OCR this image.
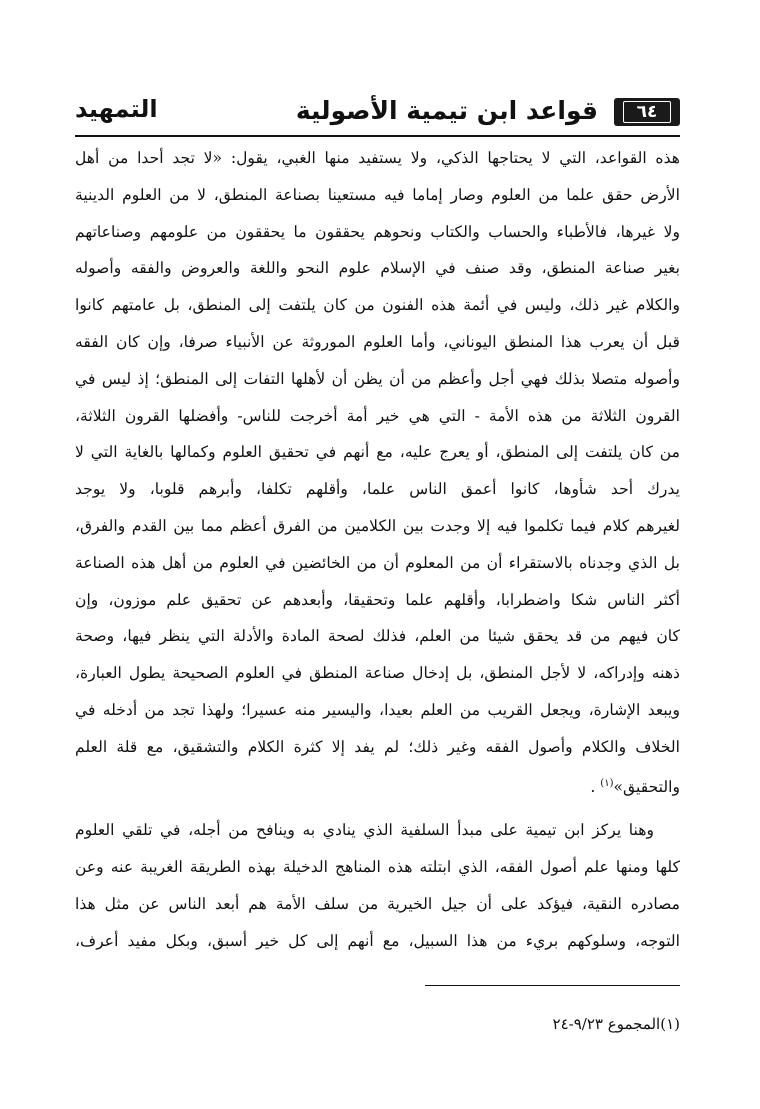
٦٤
قواعد ابن تيمية الأصولية
التمهيد
هذه القواعد، التي لا يحتاجها الذكي، ولا يستفيد منها الغبي، يقول: «لا تجد أحدا من أهل
الأرض حقق علما من العلوم وصار إماما فيه مستعينا بصناعة المنطق، لا من العلوم الدينية
ولا غيرها، فالأطباء والحساب والكتاب ونحوهم يحققون ما يحققون من علومهم وصناعاتهم
بغير صناعة المنطق، وقد صنف في الإسلام علوم النحو واللغة والعروض والفقه وأصوله
والكلام غير ذلك، وليس في أئمة هذه الفنون من كان يلتفت إلى المنطق، بل عامتهم كانوا
قبل أن يعرب هذا المنطق اليوناني، وأما العلوم الموروثة عن الأنبياء صرفا، وإن كان الفقه
وأصوله متصلا بذلك فهي أجل وأعظم من أن يظن أن لأهلها التفات إلى المنطق؛ إذ ليس في
القرون الثلاثة من هذه الأمة - التي هي خير أمة أخرجت للناس- وأفضلها القرون الثلاثة،
من كان يلتفت إلى المنطق، أو يعرج عليه، مع أنهم في تحقيق العلوم وكمالها بالغاية التي لا
يدرك أحد شأوها، كانوا أعمق الناس علما، وأقلهم تكلفا، وأبرهم قلوبا، ولا يوجد
لغيرهم كلام فيما تكلموا فيه إلا وجدت بين الكلامين من الفرق أعظم مما بين القدم والفرق،
بل الذي وجدناه بالاستقراء أن من المعلوم أن من الخائضين في العلوم من أهل هذه الصناعة
أكثر الناس شكا واضطرابا، وأقلهم علما وتحقيقا، وأبعدهم عن تحقيق علم موزون، وإن
كان فيهم من قد يحقق شيئا من العلم، فذلك لصحة المادة والأدلة التي ينظر فيها، وصحة
ذهنه وإدراكه، لا لأجل المنطق، بل إدخال صناعة المنطق في العلوم الصحيحة يطول العبارة،
ويبعد الإشارة، ويجعل القريب من العلم بعيدا، واليسير منه عسيرا؛ ولهذا تجد من أدخله في
الخلاف والكلام وأصول الفقه وغير ذلك؛ لم يفد إلا كثرة الكلام والتشقيق، مع قلة العلم
والتحقيق»$^{(١)}$ .
وهنا يركز ابن تيمية على مبدأ السلفية الذي ينادي به وينافح من أجله، في تلقي العلوم
كلها ومنها علم أصول الفقه، الذي ابتلته هذه المناهج الدخيلة بهذه الطريقة الغريبة عنه وعن
مصادره النقية، فيؤكد على أن جيل الخيرية من سلف الأمة هم أبعد الناس عن مثل هذا
التوجه، وسلوكهم بريء من هذا السبيل، مع أنهم إلى كل خير أسبق، وبكل مفيد أعرف،
(١)المجموع ٩/٢٣-٢٤
